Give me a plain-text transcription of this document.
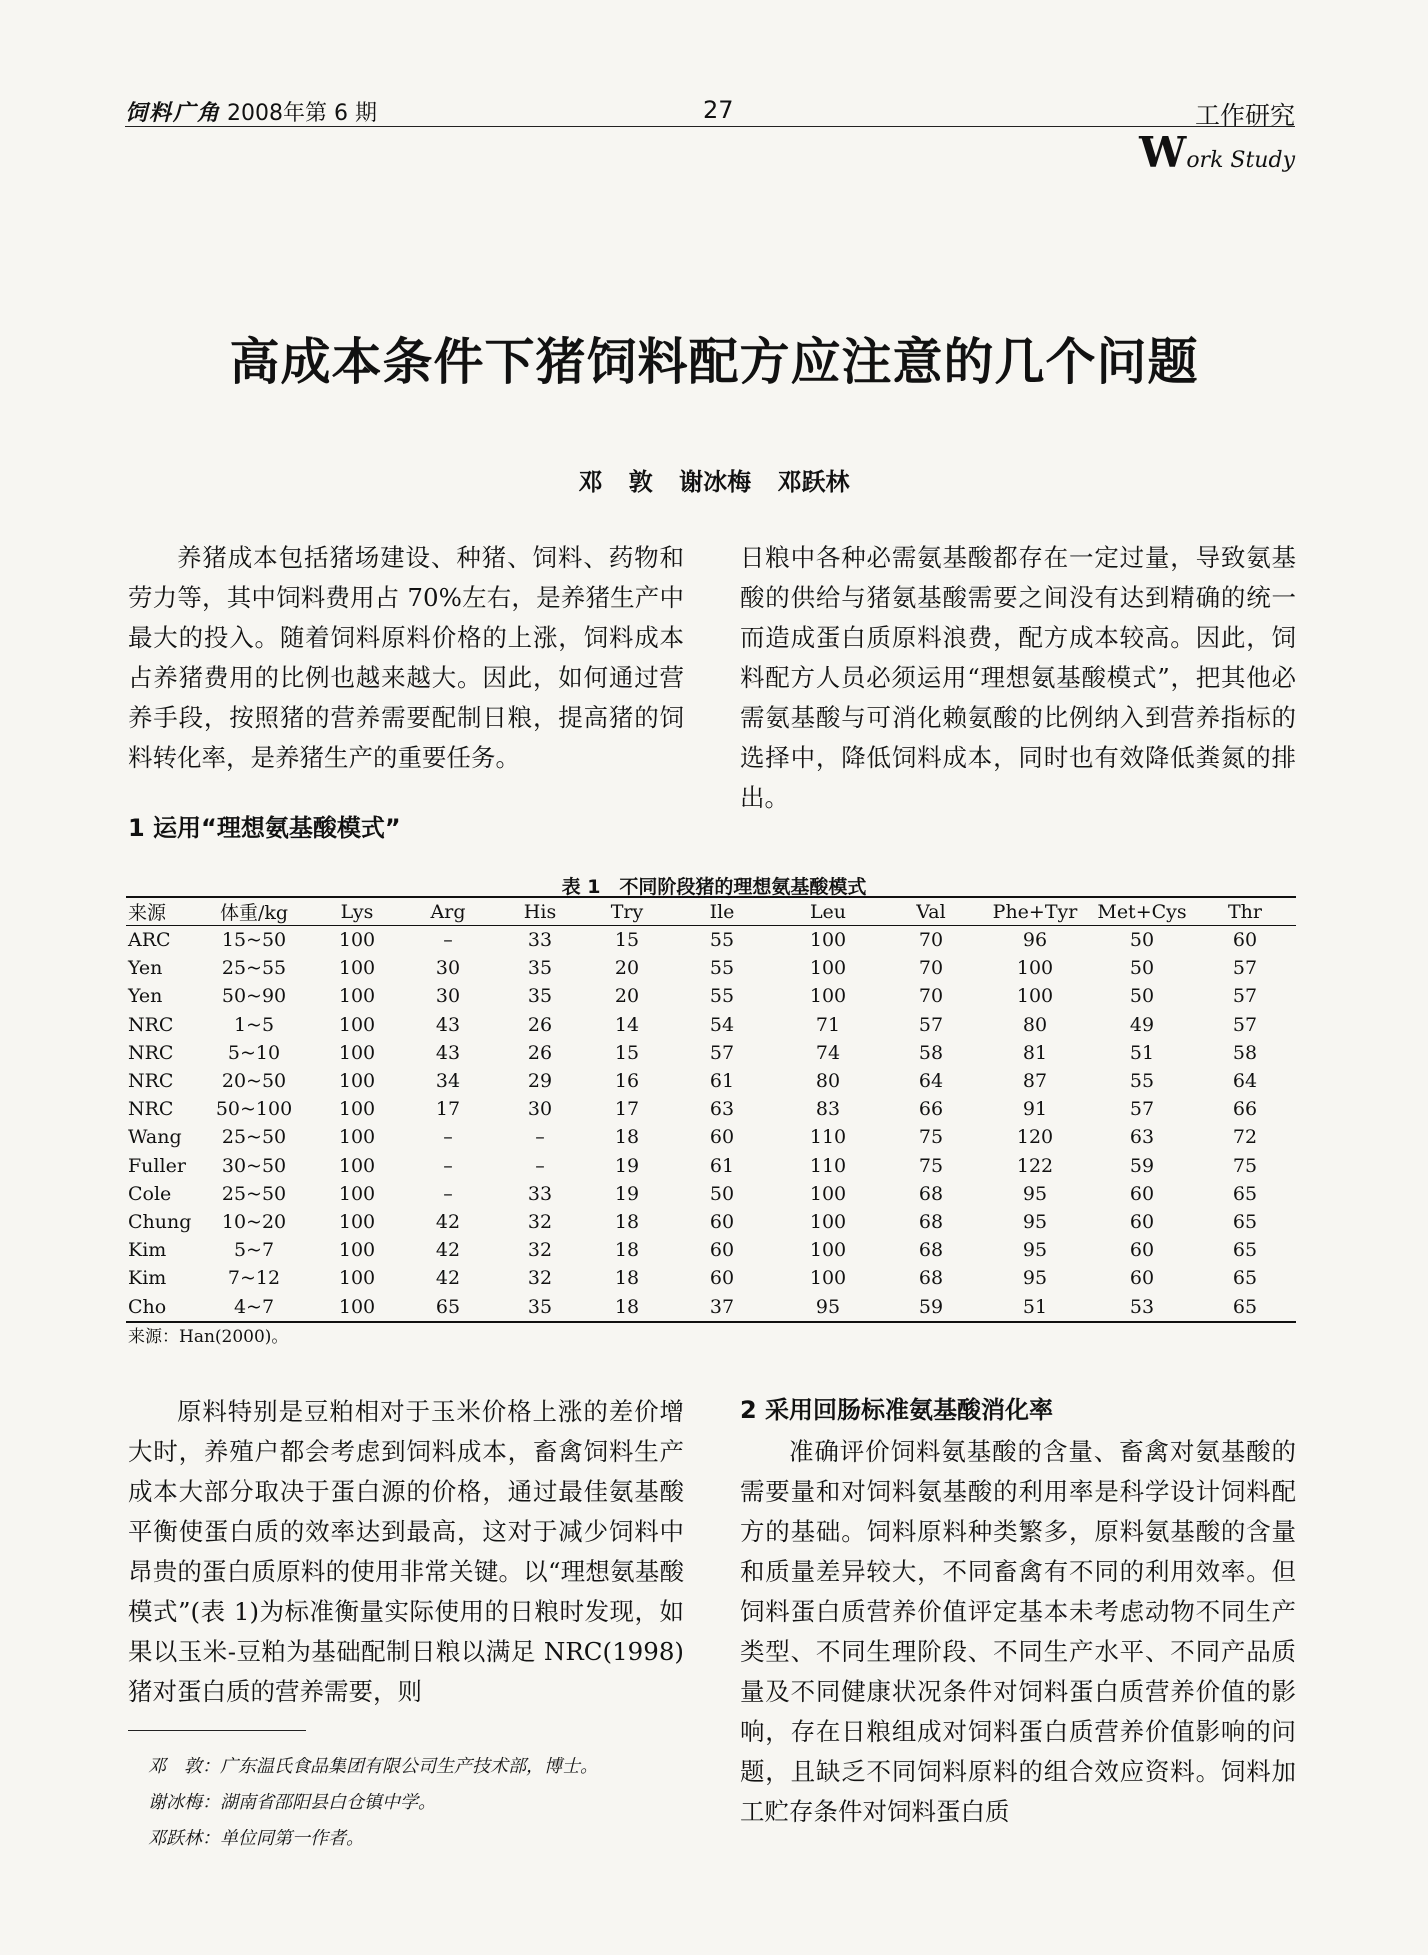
饲料广角 2008年第 6 期	27	工作研究
Work Study
高成本条件下猪饲料配方应注意的几个问题
邓 敦 谢冰梅 邓跃林

养猪成本包括猪场建设、种猪、饲料、药物和劳力等，其中饲料费用占 70%左右，是养猪生产中最大的投入。随着饲料原料价格的上涨，饲料成本占养猪费用的比例也越来越大。因此，如何通过营养手段，按照猪的营养需要配制日粮，提高猪的饲料转化率，是养猪生产的重要任务。

日粮中各种必需氨基酸都存在一定过量，导致氨基酸的供给与猪氨基酸需要之间没有达到精确的统一而造成蛋白质原料浪费，配方成本较高。因此，饲料配方人员必须运用“理想氨基酸模式”，把其他必需氨基酸与可消化赖氨酸的比例纳入到营养指标的选择中，降低饲料成本，同时也有效降低粪氮的排出。

1 运用“理想氨基酸模式”
表 1　不同阶段猪的理想氨基酸模式
来源	体重/kg	Lys	Arg	His	Try	Ile	Leu	Val	Phe+Tyr	Met+Cys	Thr
ARC	15~50	100	–	33	15	55	100	70	96	50	60
Yen	25~55	100	30	35	20	55	100	70	100	50	57
Yen	50~90	100	30	35	20	55	100	70	100	50	57
NRC	1~5	100	43	26	14	54	71	57	80	49	57
NRC	5~10	100	43	26	15	57	74	58	81	51	58
NRC	20~50	100	34	29	16	61	80	64	87	55	64
NRC	50~100	100	17	30	17	63	83	66	91	57	66
Wang	25~50	100	–	–	18	60	110	75	120	63	72
Fuller	30~50	100	–	–	19	61	110	75	122	59	75
Cole	25~50	100	–	33	19	50	100	68	95	60	65
Chung	10~20	100	42	32	18	60	100	68	95	60	65
Kim	5~7	100	42	32	18	60	100	68	95	60	65
Kim	7~12	100	42	32	18	60	100	68	95	60	65
Cho	4~7	100	65	35	18	37	95	59	51	53	65
来源：Han(2000)。

原料特别是豆粕相对于玉米价格上涨的差价增大时，养殖户都会考虑到饲料成本，畜禽饲料生产成本大部分取决于蛋白源的价格，通过最佳氨基酸平衡使蛋白质的效率达到最高，这对于减少饲料中昂贵的蛋白质原料的使用非常关键。以“理想氨基酸模式”(表 1)为标准衡量实际使用的日粮时发现，如果以玉米-豆粕为基础配制日粮以满足 NRC(1998)猪对蛋白质的营养需要，则

2 采用回肠标准氨基酸消化率

准确评价饲料氨基酸的含量、畜禽对氨基酸的需要量和对饲料氨基酸的利用率是科学设计饲料配方的基础。饲料原料种类繁多，原料氨基酸的含量和质量差异较大，不同畜禽有不同的利用效率。但饲料蛋白质营养价值评定基本未考虑动物不同生产类型、不同生理阶段、不同生产水平、不同产品质量及不同健康状况条件对饲料蛋白质营养价值的影响，存在日粮组成对饲料蛋白质营养价值影响的问题，且缺乏不同饲料原料的组合效应资料。饲料加工贮存条件对饲料蛋白质

邓　敦：广东温氏食品集团有限公司生产技术部，博士。
谢冰梅：湖南省邵阳县白仓镇中学。
邓跃林：单位同第一作者。
